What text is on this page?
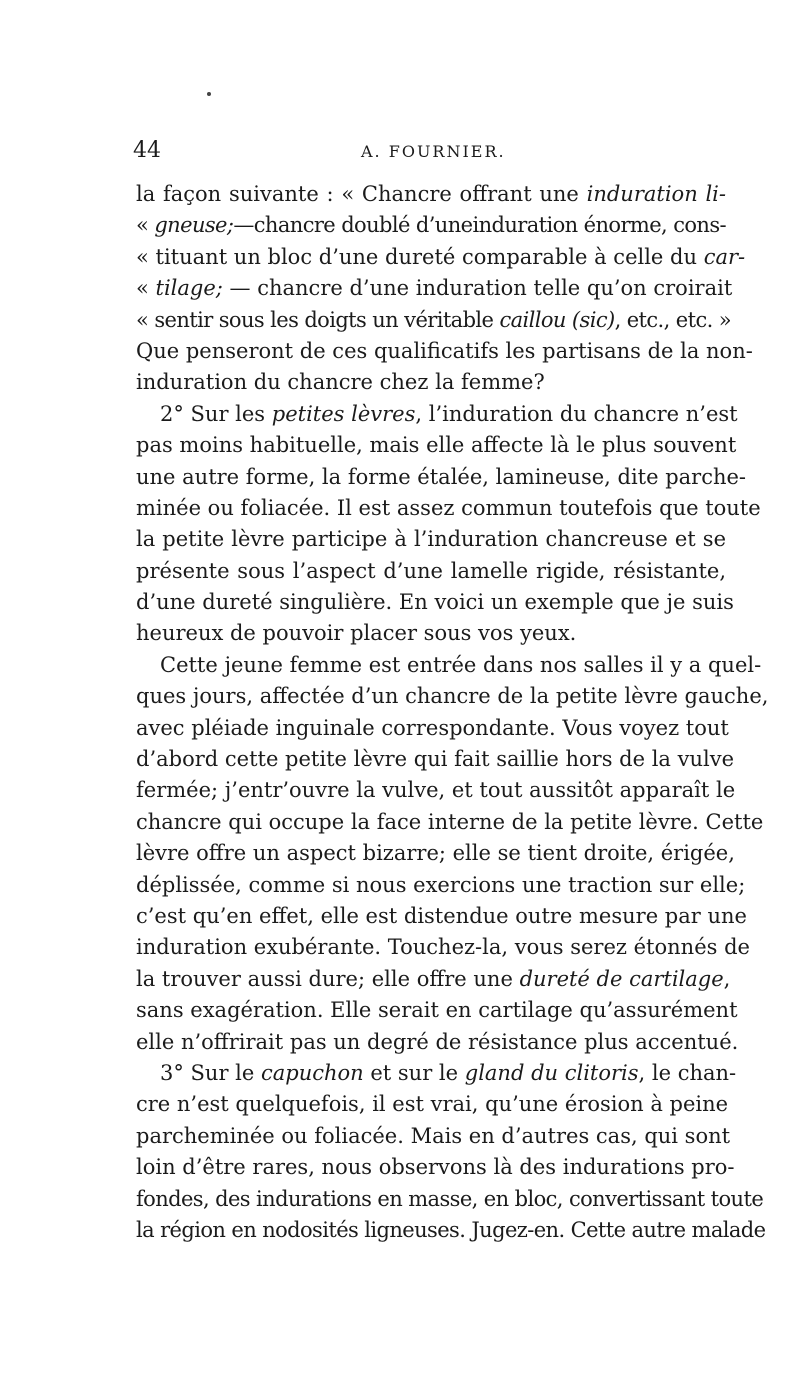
44	A. FOURNIER.
la façon suivante : « Chancre offrant une induration li-
« gneuse;—chancre doublé d’uneinduration énorme, cons-
« tituant un bloc d’une dureté comparable à celle du car-
« tilage; — chancre d’une induration telle qu’on croirait
« sentir sous les doigts un véritable caillou (sic), etc., etc. »
Que penseront de ces qualificatifs les partisans de la non-
induration du chancre chez la femme?
2° Sur les petites lèvres, l’induration du chancre n’est
pas moins habituelle, mais elle affecte là le plus souvent
une autre forme, la forme étalée, lamineuse, dite parche-
minée ou foliacée. Il est assez commun toutefois que toute
la petite lèvre participe à l’induration chancreuse et se
présente sous l’aspect d’une lamelle rigide, résistante,
d’une dureté singulière. En voici un exemple que je suis
heureux de pouvoir placer sous vos yeux.
Cette jeune femme est entrée dans nos salles il y a quel-
ques jours, affectée d’un chancre de la petite lèvre gauche,
avec pléiade inguinale correspondante. Vous voyez tout
d’abord cette petite lèvre qui fait saillie hors de la vulve
fermée; j’entr’ouvre la vulve, et tout aussitôt apparaît le
chancre qui occupe la face interne de la petite lèvre. Cette
lèvre offre un aspect bizarre; elle se tient droite, érigée,
déplissée, comme si nous exercions une traction sur elle;
c’est qu’en effet, elle est distendue outre mesure par une
induration exubérante. Touchez-la, vous serez étonnés de
la trouver aussi dure; elle offre une dureté de cartilage,
sans exagération. Elle serait en cartilage qu’assurément
elle n’offrirait pas un degré de résistance plus accentué.
3° Sur le capuchon et sur le gland du clitoris, le chan-
cre n’est quelquefois, il est vrai, qu’une érosion à peine
parcheminée ou foliacée. Mais en d’autres cas, qui sont
loin d’être rares, nous observons là des indurations pro-
fondes, des indurations en masse, en bloc, convertissant toute
la région en nodosités ligneuses. Jugez-en. Cette autre malade
